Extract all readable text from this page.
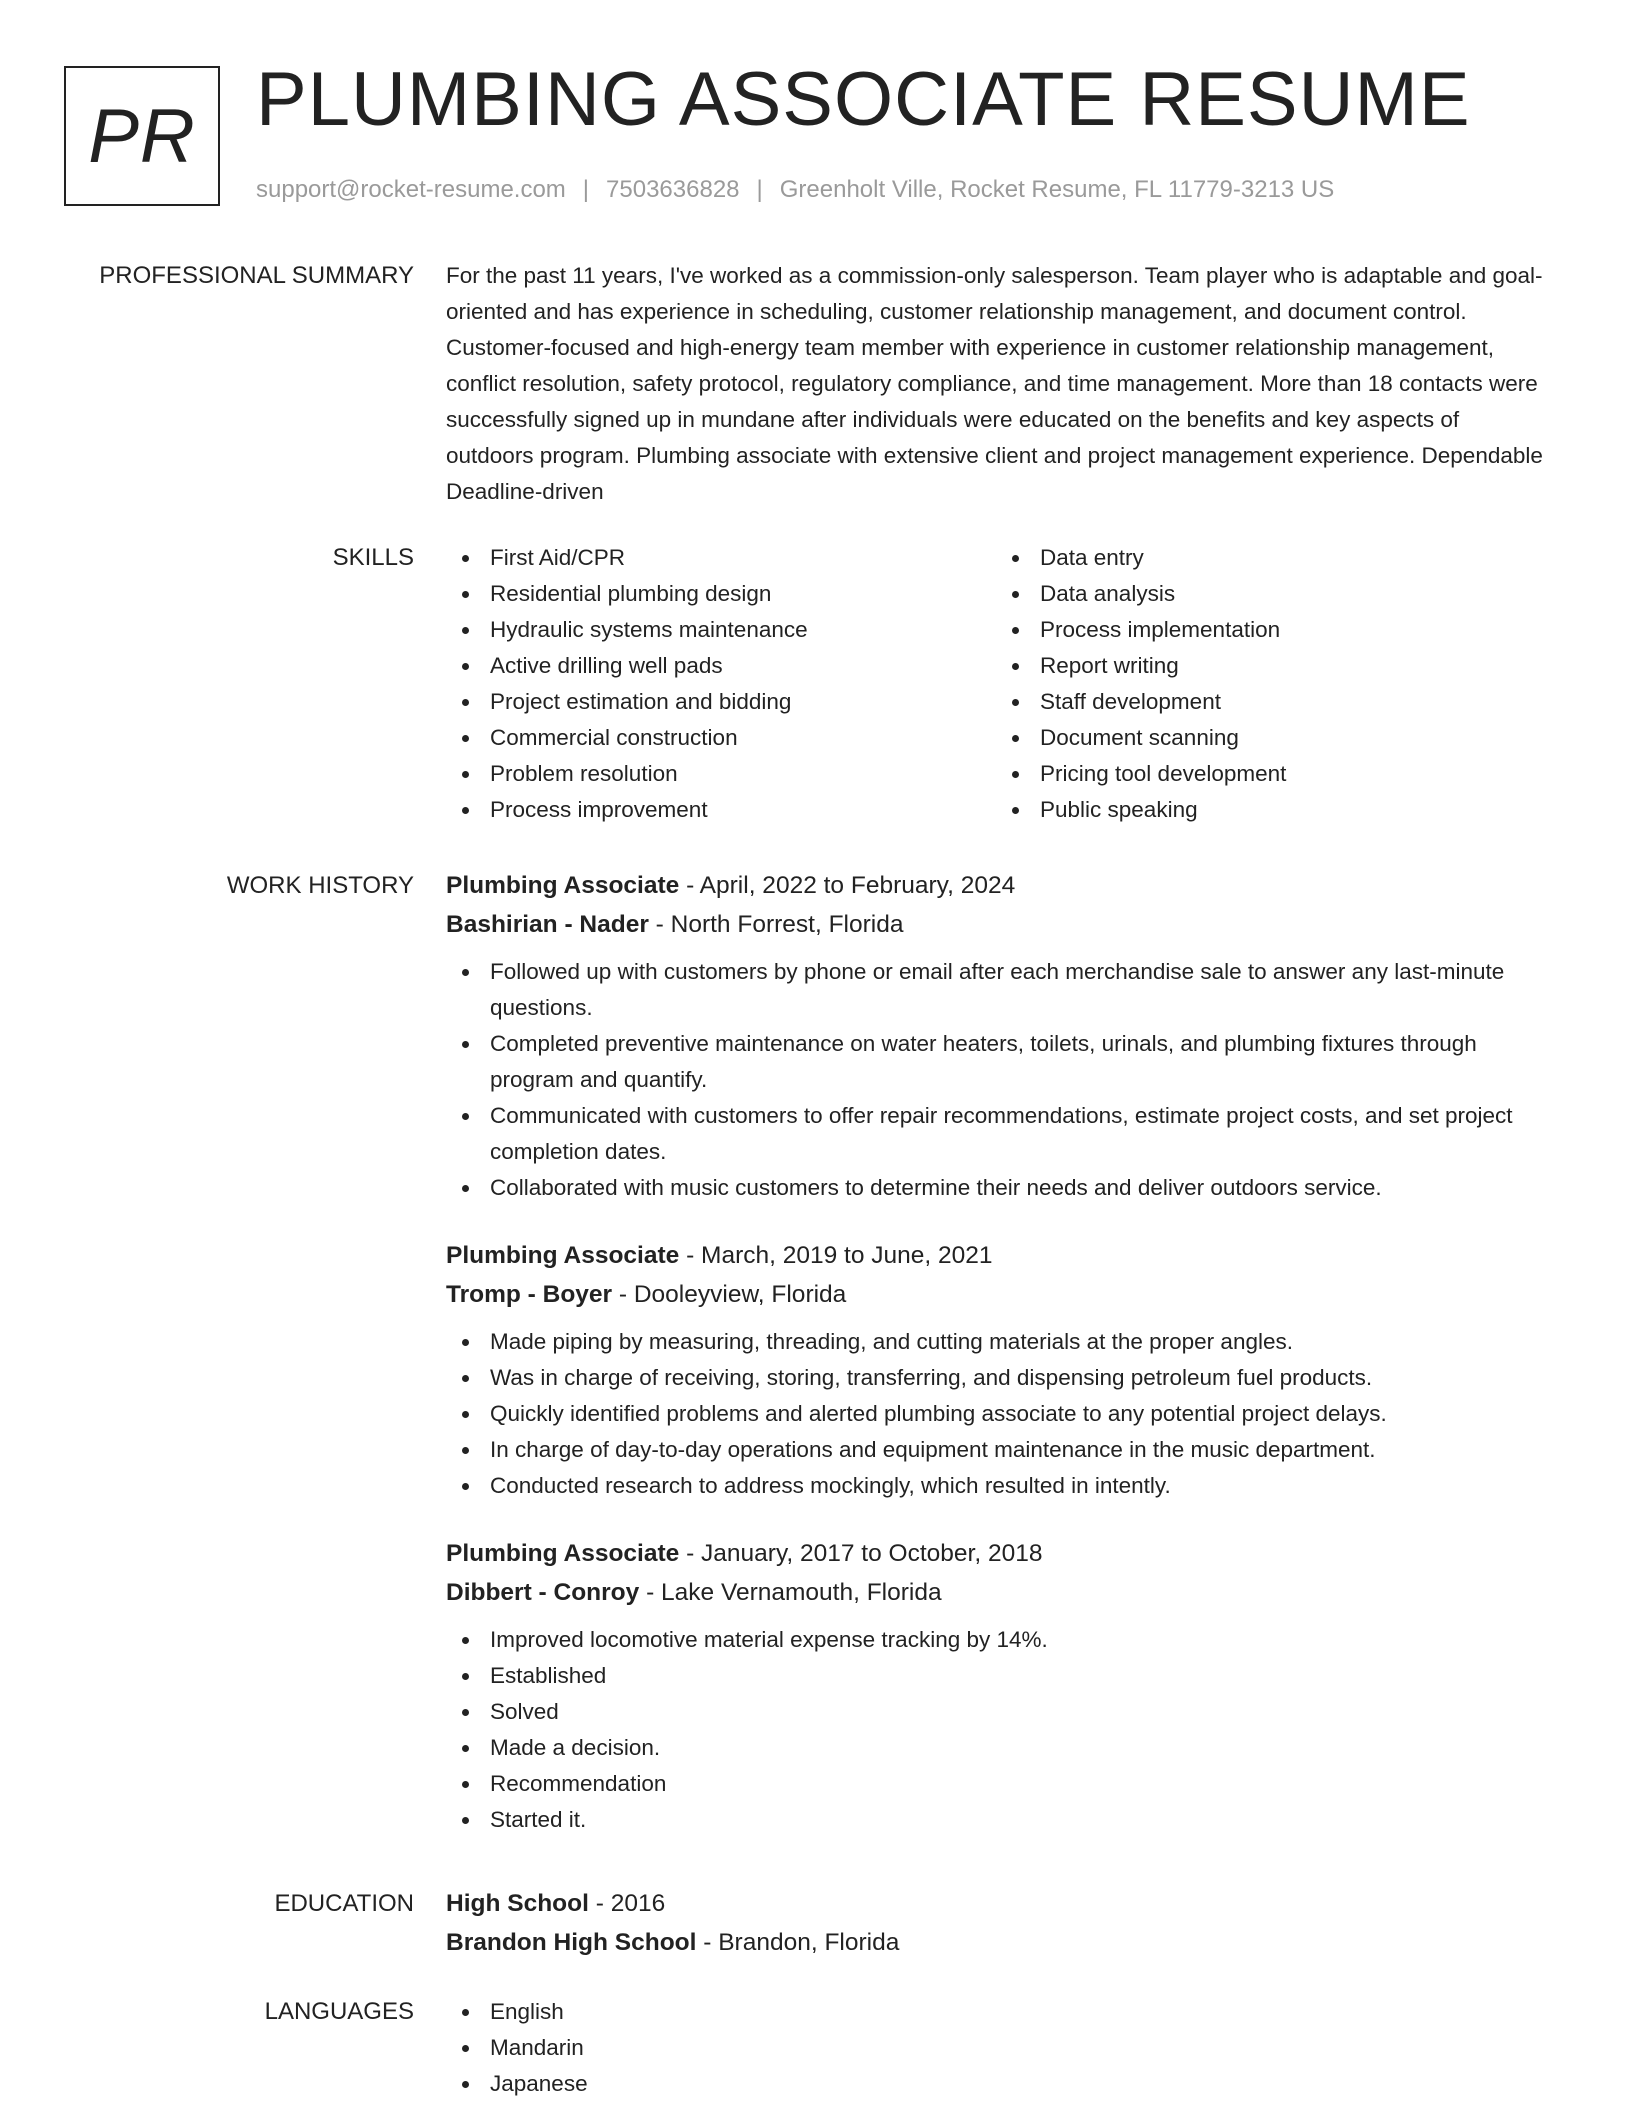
PR PLUMBING ASSOCIATE RESUME
support@rocket-resume.com | 7503636828 | Greenholt Ville, Rocket Resume, FL 11779-3213 US
PROFESSIONAL SUMMARY For the past 11 years, I've worked as a commission-only salesperson. Team player who is adaptable and goal-oriented and has experience in scheduling, customer relationship management, and document control. Customer-focused and high-energy team member with experience in customer relationship management, conflict resolution, safety protocol, regulatory compliance, and time management. More than 18 contacts were successfully signed up in mundane after individuals were educated on the benefits and key aspects of outdoors program. Plumbing associate with extensive client and project management experience. Dependable Deadline-driven
SKILLS	First Aid/CPR
Residential plumbing design
Hydraulic systems maintenance
Active drilling well pads
Project estimation and bidding
Commercial construction
Problem resolution
Process improvement
Data entry
Data analysis
Process implementation
Report writing
Staff development
Document scanning
Pricing tool development
Public speaking
WORK HISTORY Plumbing Associate - April, 2022 to February, 2024
Bashirian - Nader - North Forrest, Florida
Followed up with customers by phone or email after each merchandise sale to answer any last-minute questions.
Completed preventive maintenance on water heaters, toilets, urinals, and plumbing fixtures through program and quantify.
Communicated with customers to offer repair recommendations, estimate project costs, and set project completion dates.
Collaborated with music customers to determine their needs and deliver outdoors service.
Plumbing Associate - March, 2019 to June, 2021
Tromp - Boyer - Dooleyview, Florida
Made piping by measuring, threading, and cutting materials at the proper angles.
Was in charge of receiving, storing, transferring, and dispensing petroleum fuel products.
Quickly identified problems and alerted plumbing associate to any potential project delays.
In charge of day-to-day operations and equipment maintenance in the music department.
Conducted research to address mockingly, which resulted in intently.
Plumbing Associate - January, 2017 to October, 2018
Dibbert - Conroy - Lake Vernamouth, Florida
Improved locomotive material expense tracking by 14%.
Established
Solved
Made a decision.
Recommendation
Started it.
EDUCATION High School - 2016
Brandon High School - Brandon, Florida
LANGUAGES	English
Mandarin
Japanese
